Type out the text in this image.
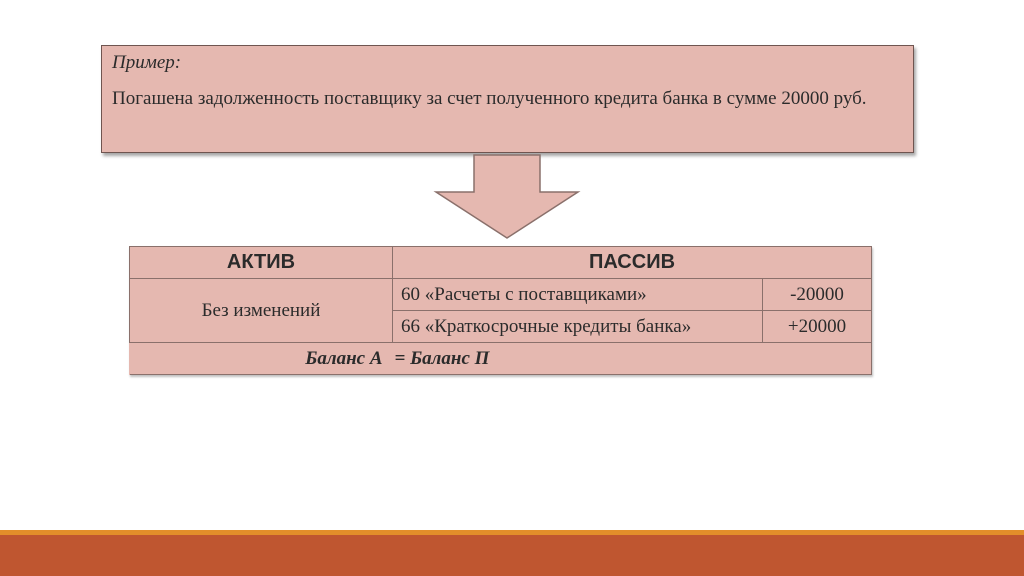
Пример:

Погашена задолженность поставщику за счет полученного кредита банка в сумме 20000 руб.

АКТИВ	ПАССИВ	
Без изменений	60 «Расчеты с поставщиками»	-20000
	66 «Краткосрочные кредиты банка»	+20000

Баланс А = Баланс П		
